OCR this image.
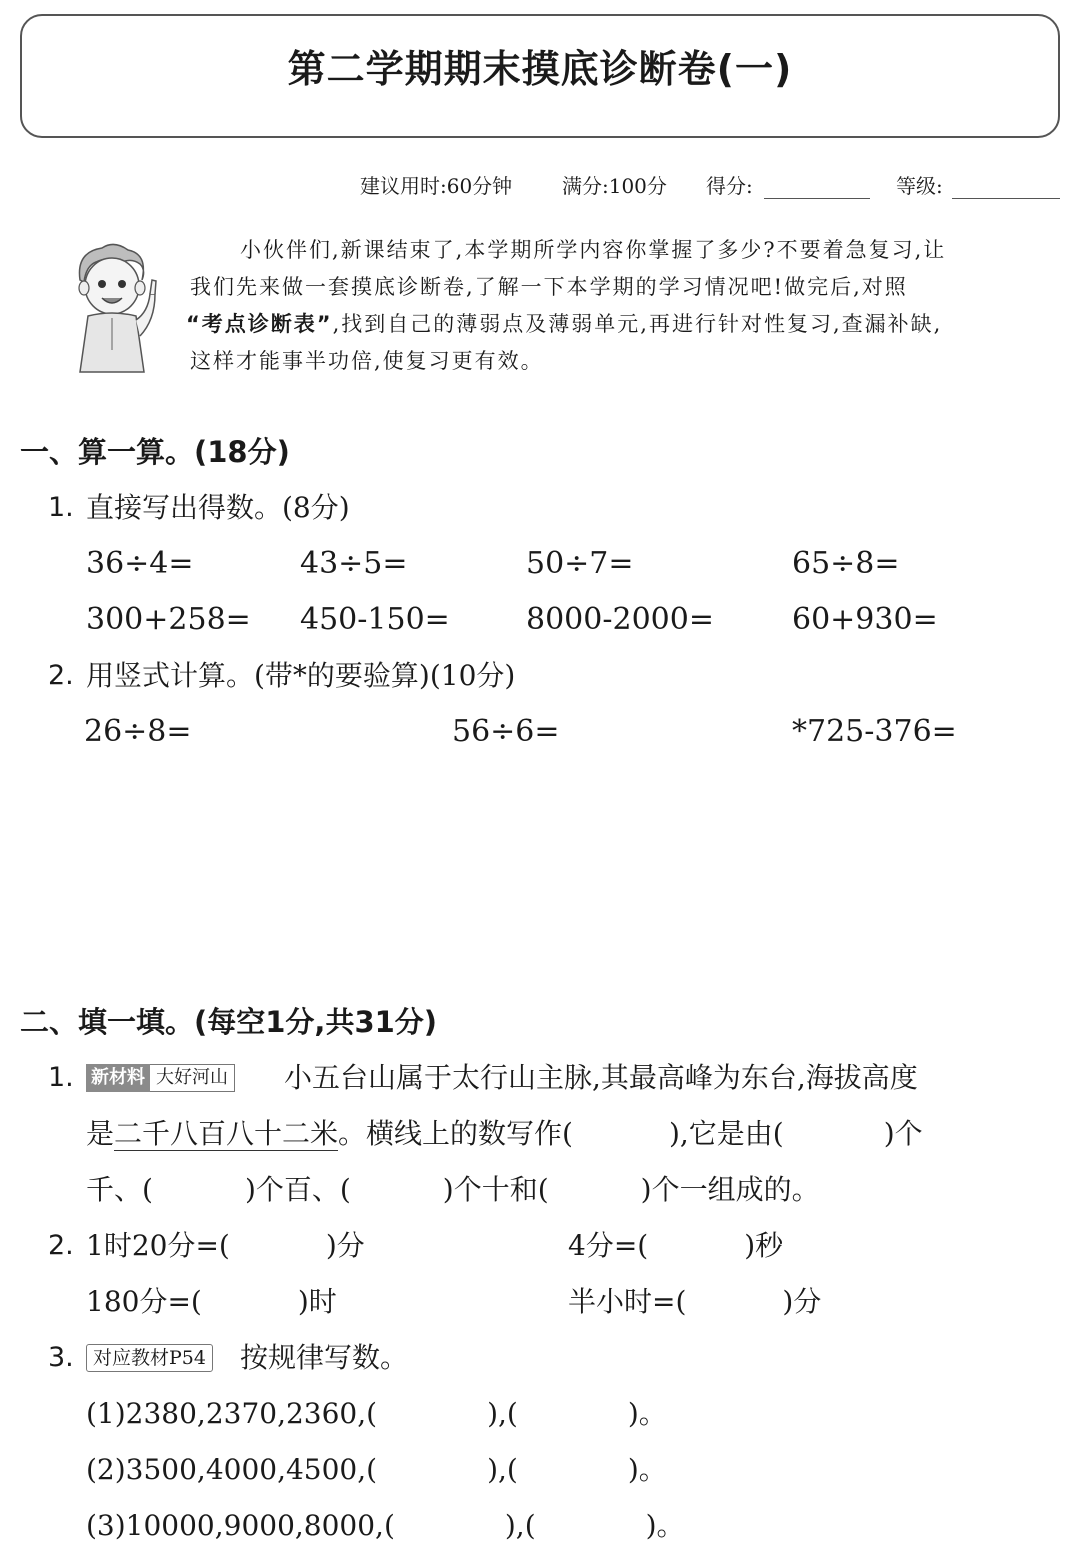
第二学期期末摸底诊断卷(一)
建议用时:60分钟 满分:100分 得分:	等级:
小伙伴们,新课结束了,本学期所学内容你掌握了多少?不要着急复习,让
我们先来做一套摸底诊断卷,了解一下本学期的学习情况吧!做完后,对照
“考点诊断表”,找到自己的薄弱点及薄弱单元,再进行针对性复习,查漏补缺,
这样才能事半功倍,使复习更有效。
一、算一算。(18分)
1. 直接写出得数。(8分)
36÷4=	43÷5=	50÷7=	65÷8=
300+258= 450-150=	8000-2000=	60+930=
2. 用竖式计算。(带*的要验算)(10分)
26÷8=	56÷6=	*725-376=
二、填一填。(每空1分,共31分)
1. 新材料 大好河山 小五台山属于太行山主脉,其最高峰为东台,海拔高度
是二千八百八十二米。横线上的数写作(	),它是由(	)个
千、(	)个百、(	)个十和(	)个一组成的。
2. 1时20分=(	)分	4分=(	)秒
180分=(	)时	半小时=(	)分
3.	对应教材P54 按规律写数。
(1)2380,2370,2360,(	),(	)。
(2)3500,4000,4500,(	),(	)。
(3)10000,9000,8000,(	),(	)。
